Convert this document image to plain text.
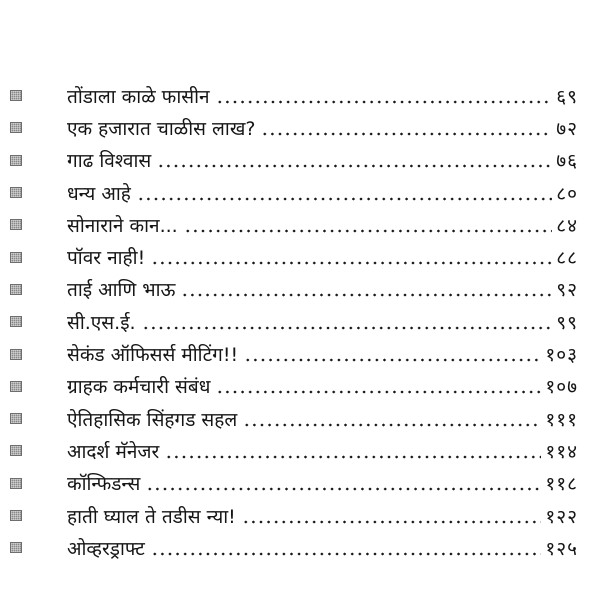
तोंडाला काळे फासीन	६९
एक हजारात चाळीस लाख?	७२
गाढ विश्वास	७६
धन्य आहे	८०
सोनाराने कान...	८४
पॉवर नाही!	८८
ताई आणि भाऊ	९२
सी.एस.ई.	९९
सेकंड ऑफिसर्स मीटिंग!!	१०३
ग्राहक कर्मचारी संबंध	१०७
ऐतिहासिक सिंहगड सहल	१११
आदर्श मॅनेजर	११४
कॉन्फिडन्स	११८
हाती घ्याल ते तडीस न्या!	१२२
ओव्हरड्राफ्ट	१२५
